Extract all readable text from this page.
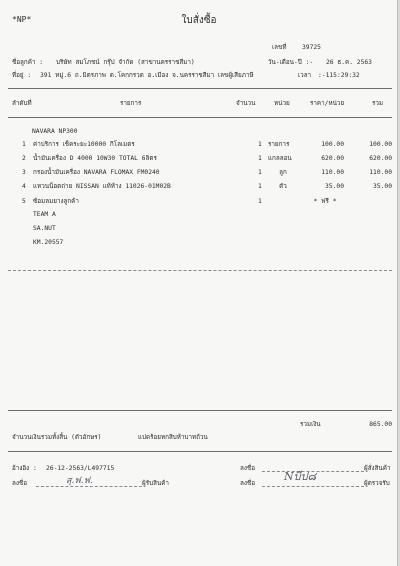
*NP*	ใบสั่งซื้อ
เลขที่ 39725
ชื่อลูกค้า : บริษัท สมโภชน์ กรุ๊ป จำกัด (สาขานครราชสีมา)	วัน-เดือน-ปี :- 26 ธ.ค. 2563
ที่อยู่ : 391 หมู่.6 ถ.มิตรภาพ ต.โคกกรวด อ.เมือง จ.นครราชสีมา เลขผู้เสียภาษี	เวลา :-115:29:32
ลำดับที่	รายการ	จำนวน	หน่วย	ราคา/หน่วย	รวม
NAVARA NP300
1 ค่าบริการ เช็คระยะ10000 กิโลเมตร	1 รายการ	100.00	100.00
2 น้ำมันเครื่อง D 4000 10W30 TOTAL 6ลิตร	1 แกลลอน	620.00	620.00
3 กรองน้ำมันเครื่อง NAVARA FLOMAX FM0240	1	ลูก	110.00	110.00
4 แหวนน็อตถ่าย NISSAN แท้ห้าง 11026-01M02B	1	ตัว	35.00	35.00
5 ซ้อมลมยางลูกค้า	1	* ฟรี *
TEAM A
SA.NUT
KM.20557
รวมเงิน	865.00
จำนวนเงินรวมทั้งสิ้น (ตัวอักษร)	แปดร้อยหกสิบห้าบาทถ้วน
อ้างอิง : 26-12-2563/L497715
ลงชื่อ	สุ.ฟ.ฟ.	ผู้รับสินค้า
ลงชื่อ	ผู้สั่งสินค้า
ลงชื่อ
Nบีป๘
ผู้ตรวจรับ
